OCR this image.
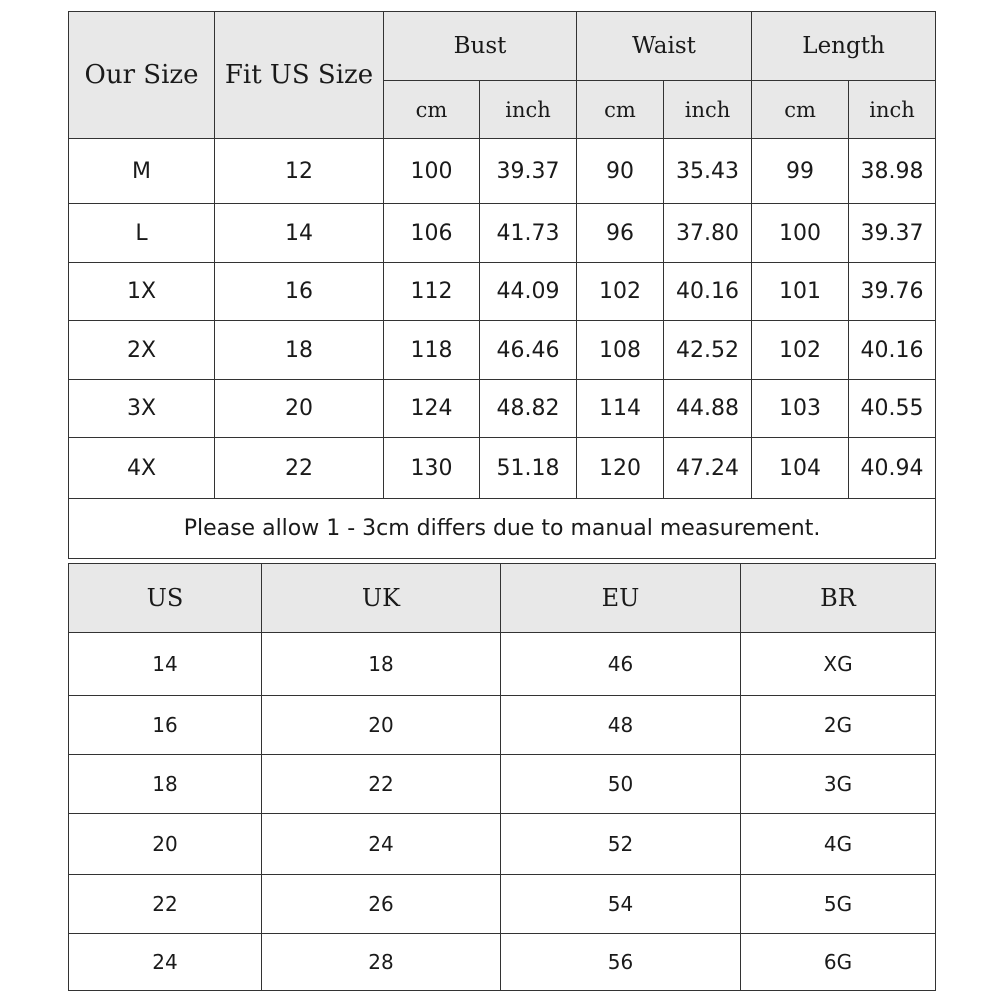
Our Size	Fit US Size	Bust		Waist		Length	
		cm	inch	cm	inch	cm	inch
M	12	100	39.37	90	35.43	99	38.98
L	14	106	41.73	96	37.80	100	39.37
1X	16	112	44.09	102	40.16	101	39.76
2X	18	118	46.46	108	42.52	102	40.16
3X	20	124	48.82	114	44.88	103	40.55
4X	22	130	51.18	120	47.24	104	40.94
Please allow 1 - 3cm differs due to manual measurement.							
US	UK	EU	BR
14	18	46	XG
16	20	48	2G
18	22	50	3G
20	24	52	4G
22	26	54	5G
24	28	56	6G
